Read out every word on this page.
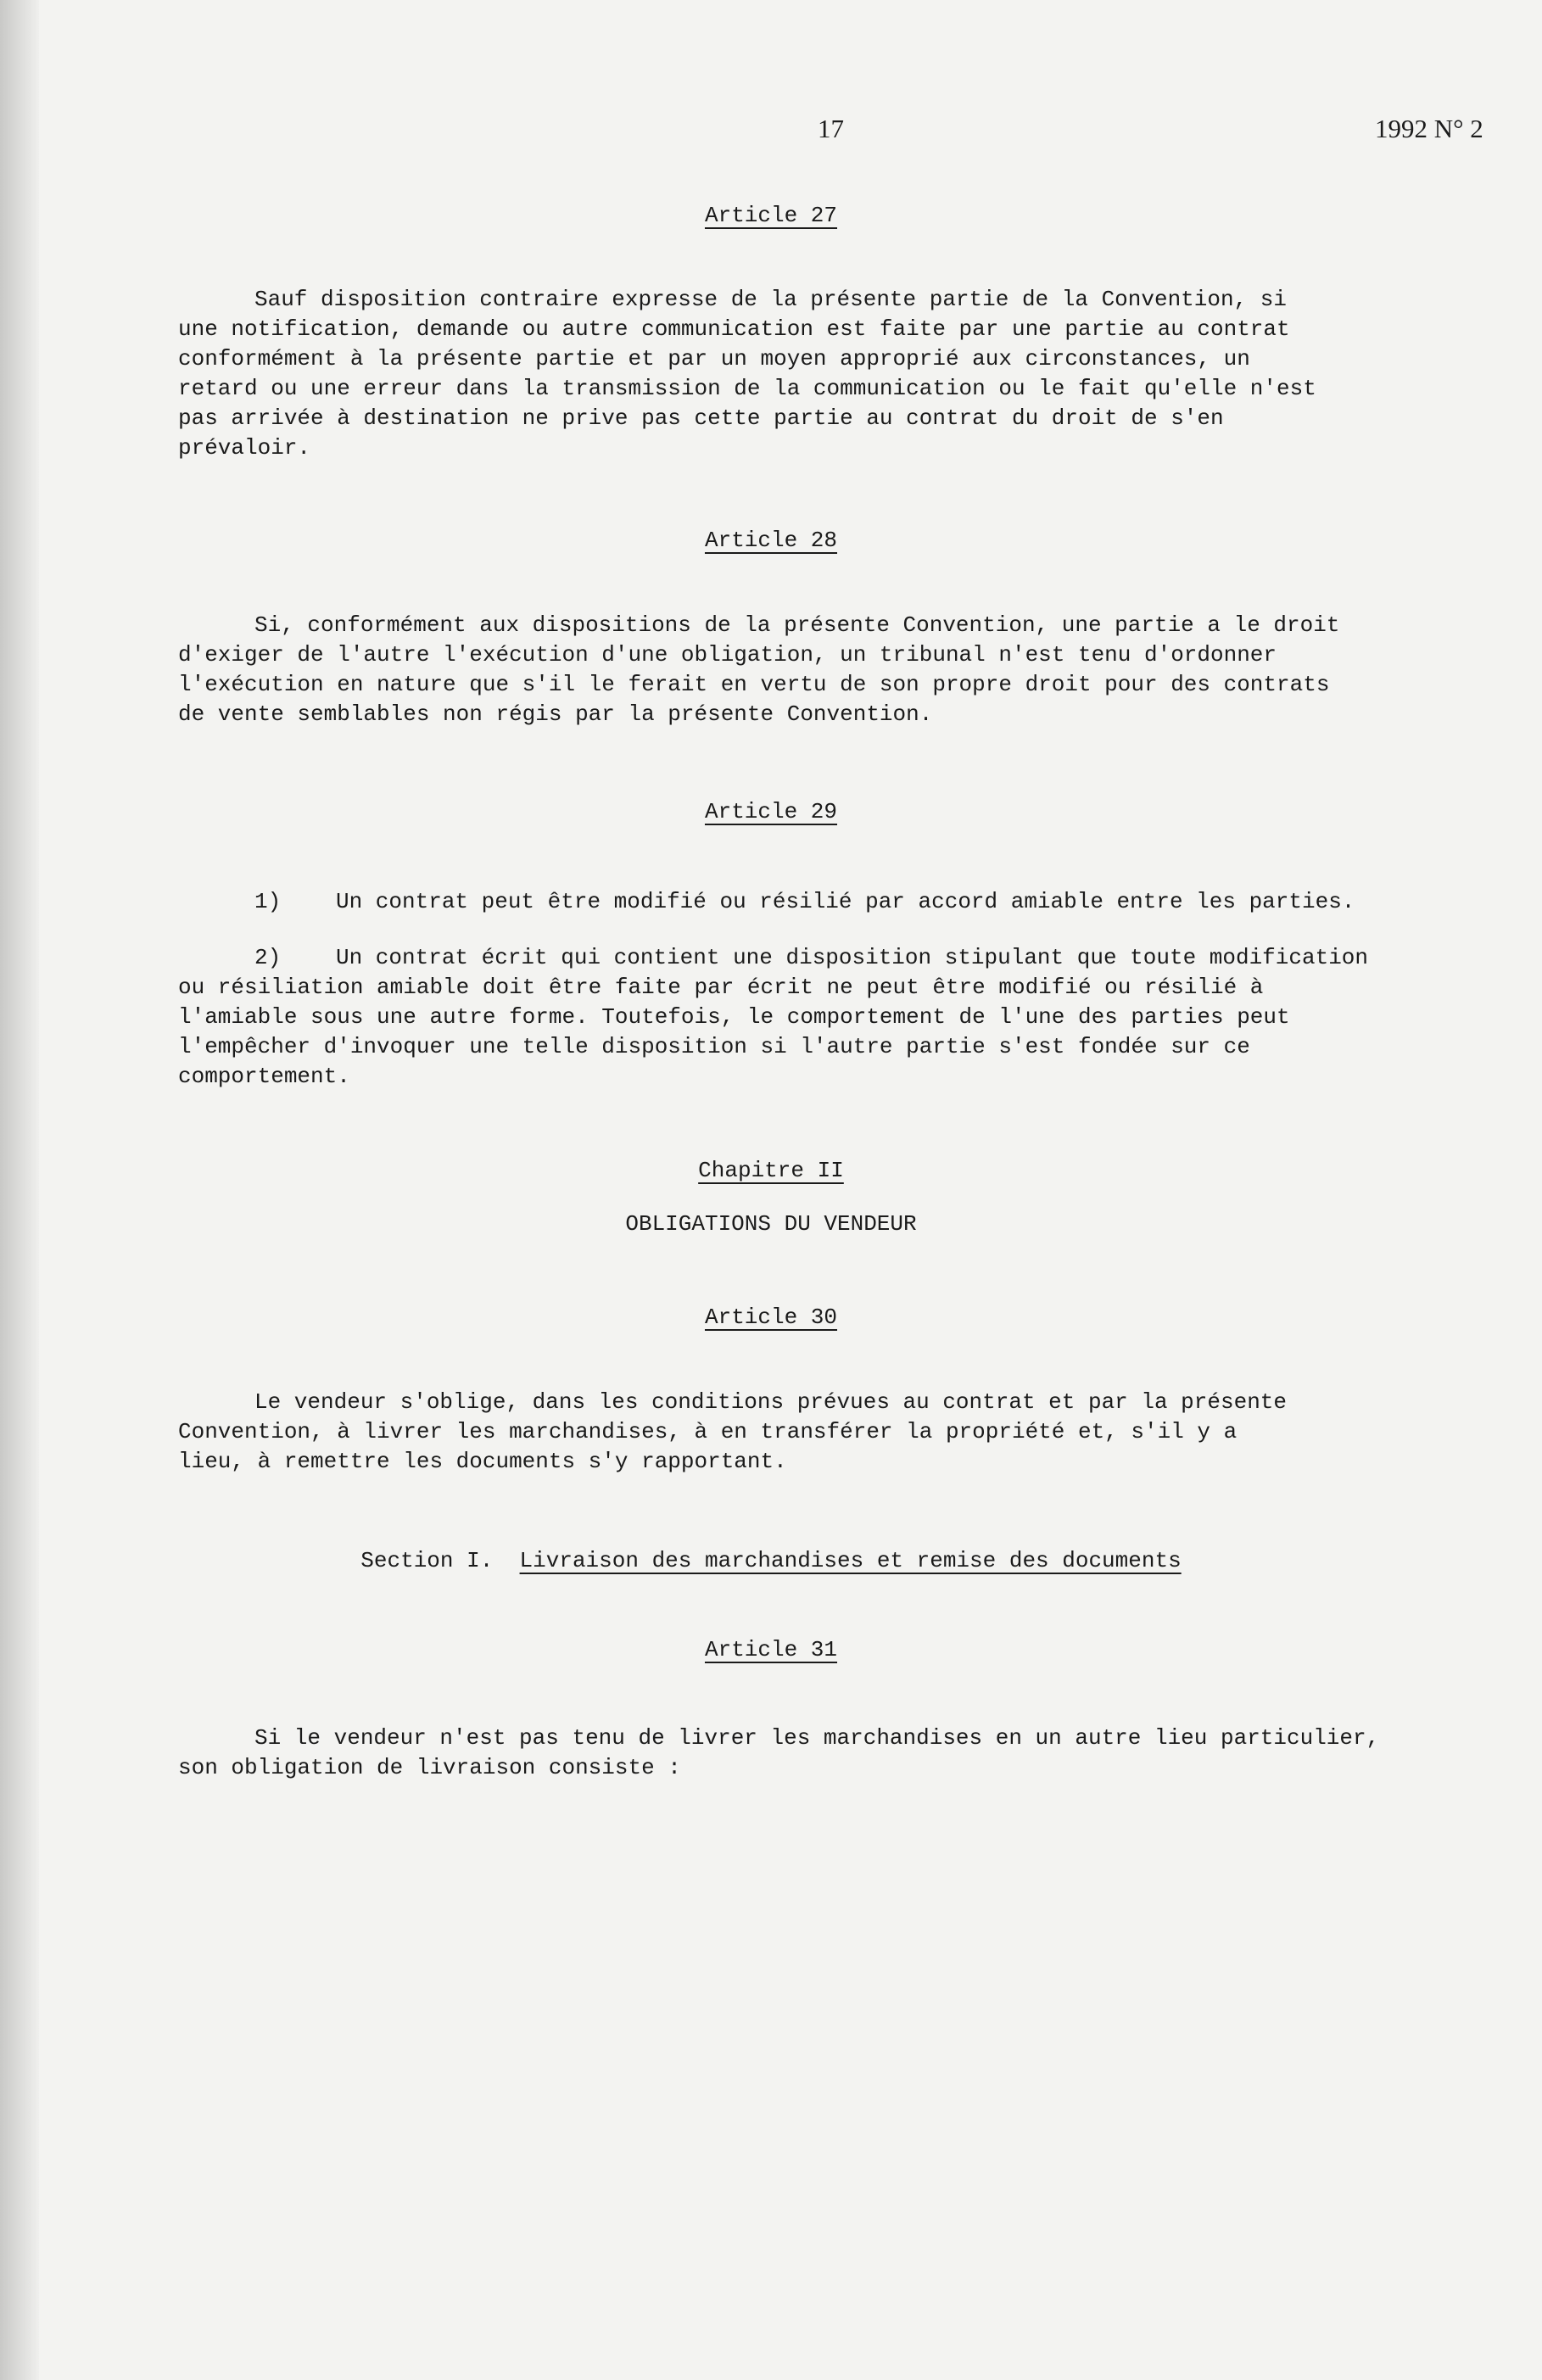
17	1992 N° 2
Article 27
Sauf disposition contraire expresse de la présente partie de la Convention, si
une notification, demande ou autre communication est faite par une partie au contrat
conformément à la présente partie et par un moyen approprié aux circonstances, un
retard ou une erreur dans la transmission de la communication ou le fait qu'elle n'est
pas arrivée à destination ne prive pas cette partie au contrat du droit de s'en
prévaloir.
Article 28
Si, conformément aux dispositions de la présente Convention, une partie a le droit
d'exiger de l'autre l'exécution d'une obligation, un tribunal n'est tenu d'ordonner
l'exécution en nature que s'il le ferait en vertu de son propre droit pour des contrats
de vente semblables non régis par la présente Convention.
Article 29
1) Un contrat peut être modifié ou résilié par accord amiable entre les parties.
2) Un contrat écrit qui contient une disposition stipulant que toute modification
ou résiliation amiable doit être faite par écrit ne peut être modifié ou résilié à
l'amiable sous une autre forme. Toutefois, le comportement de l'une des parties peut
l'empêcher d'invoquer une telle disposition si l'autre partie s'est fondée sur ce
comportement.
Chapitre II
OBLIGATIONS DU VENDEUR
Article 30
Le vendeur s'oblige, dans les conditions prévues au contrat et par la présente
Convention, à livrer les marchandises, à en transférer la propriété et, s'il y a
lieu, à remettre les documents s'y rapportant.
Section I. Livraison des marchandises et remise des documents
Article 31
Si le vendeur n'est pas tenu de livrer les marchandises en un autre lieu particulier,
son obligation de livraison consiste :
